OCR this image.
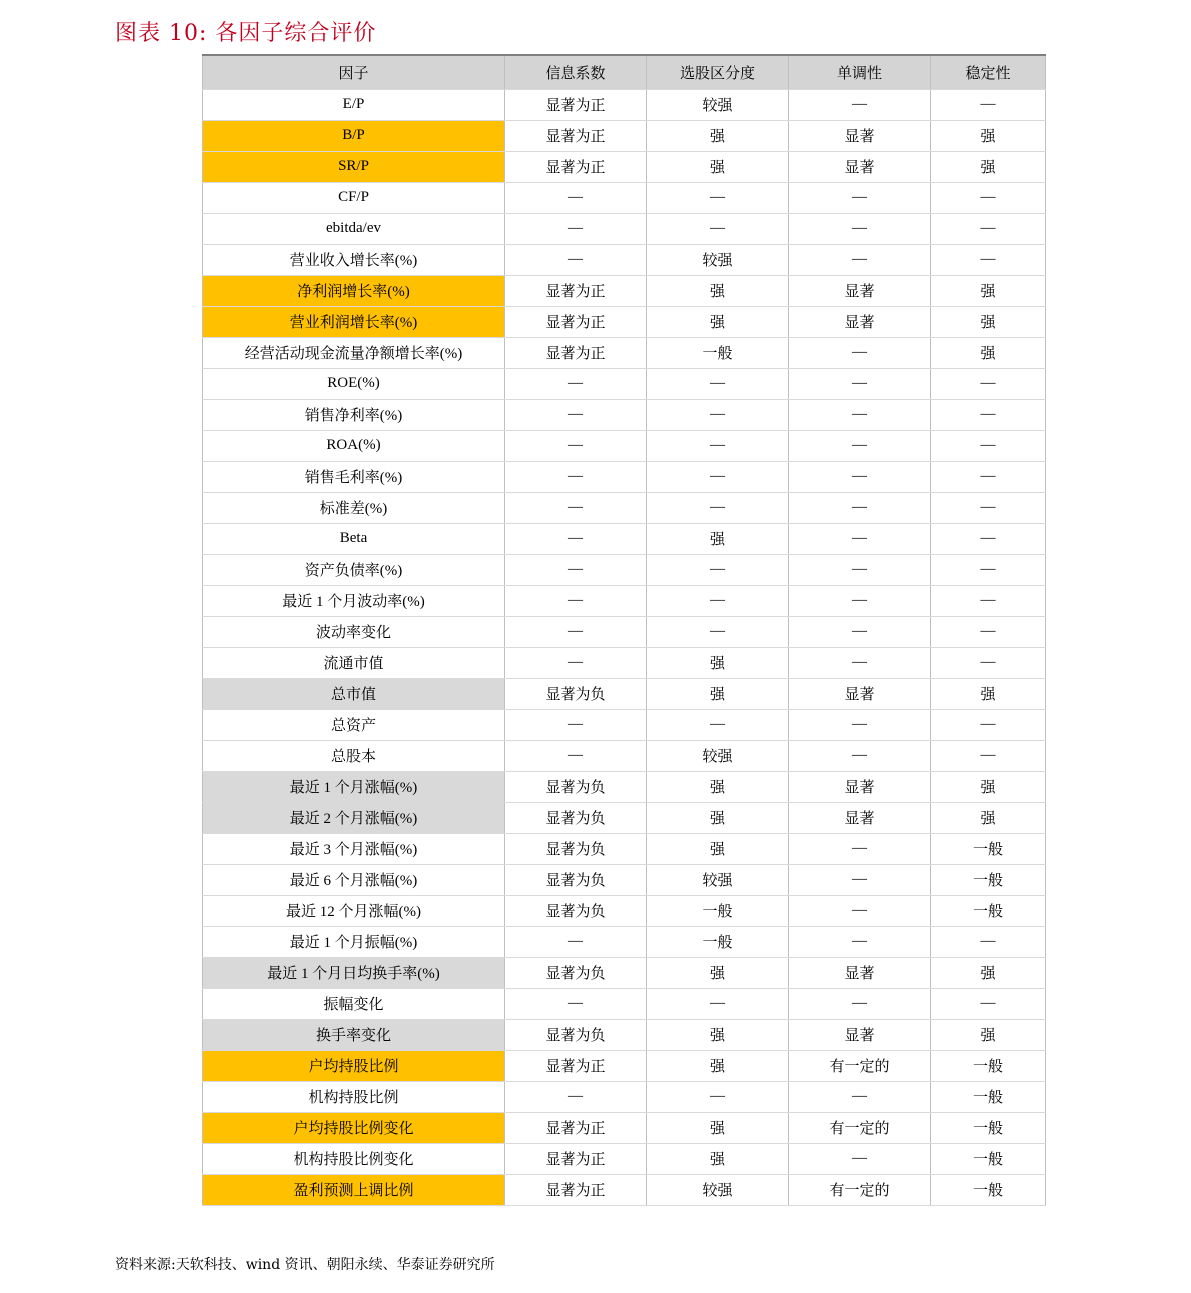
图表 10: 各因子综合评价
因子	信息系数	选股区分度	单调性	稳定性
E/P	显著为正	较强	—	—
B/P	显著为正	强	显著	强
SR/P	显著为正	强	显著	强
CF/P	—	—	—	—
ebitda/ev	—	—	—	—
营业收入增长率(%)	—	较强	—	—
净利润增长率(%)	显著为正	强	显著	强
营业利润增长率(%)	显著为正	强	显著	强
经营活动现金流量净额增长率(%)	显著为正	一般	—	强
ROE(%)	—	—	—	—
销售净利率(%)	—	—	—	—
ROA(%)	—	—	—	—
销售毛利率(%)	—	—	—	—
标准差(%)	—	—	—	—
Beta	—	强	—	—
资产负债率(%)	—	—	—	—
最近 1 个月波动率(%)	—	—	—	—
波动率变化	—	—	—	—
流通市值	—	强	—	—
总市值	显著为负	强	显著	强
总资产	—	—	—	—
总股本	—	较强	—	—
最近 1 个月涨幅(%)	显著为负	强	显著	强
最近 2 个月涨幅(%)	显著为负	强	显著	强
最近 3 个月涨幅(%)	显著为负	强	—	一般
最近 6 个月涨幅(%)	显著为负	较强	—	一般
最近 12 个月涨幅(%)	显著为负	一般	—	一般
最近 1 个月振幅(%)	—	一般	—	—
最近 1 个月日均换手率(%)	显著为负	强	显著	强
振幅变化	—	—	—	—
换手率变化	显著为负	强	显著	强
户均持股比例	显著为正	强	有一定的	一般
机构持股比例	—	—	—	一般
户均持股比例变化	显著为正	强	有一定的	一般
机构持股比例变化	显著为正	强	—	一般
盈利预测上调比例	显著为正	较强	有一定的	一般
资料来源:天软科技、wind 资讯、朝阳永续、华泰证券研究所
